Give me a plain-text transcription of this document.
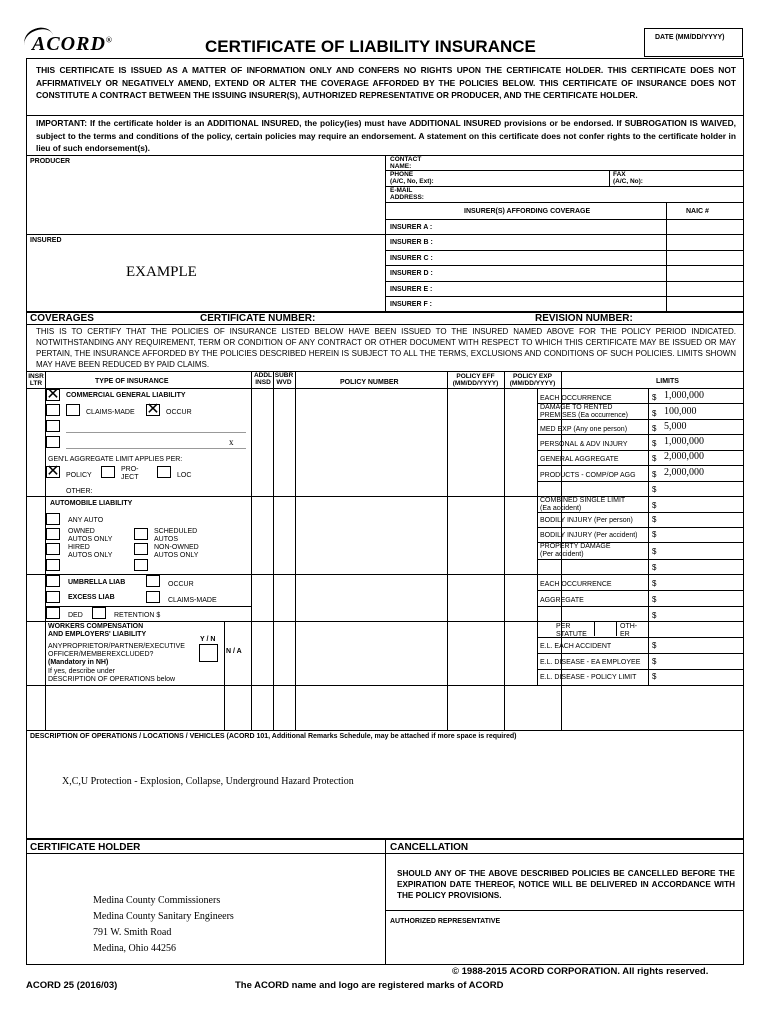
ACORD®	CERTIFICATE OF LIABILITY INSURANCE	DATE (MM/DD/YYYY)
THIS CERTIFICATE IS ISSUED AS A MATTER OF INFORMATION ONLY AND CONFERS NO RIGHTS UPON THE CERTIFICATE HOLDER. THIS CERTIFICATE DOES NOT AFFIRMATIVELY OR NEGATIVELY AMEND, EXTEND OR ALTER THE COVERAGE AFFORDED BY THE POLICIES BELOW. THIS CERTIFICATE OF INSURANCE DOES NOT CONSTITUTE A CONTRACT BETWEEN THE ISSUING INSURER(S), AUTHORIZED REPRESENTATIVE OR PRODUCER, AND THE CERTIFICATE HOLDER.
IMPORTANT: If the certificate holder is an ADDITIONAL INSURED, the policy(ies) must have ADDITIONAL INSURED provisions or be endorsed. If SUBROGATION IS WAIVED, subject to the terms and conditions of the policy, certain policies may require an endorsement. A statement on this certificate does not confer rights to the certificate holder in lieu of such endorsement(s).
PRODUCER	CONTACT
NAME:
PHONE
(A/C, No, Ext):
FAX
(A/C, No):
E-MAIL
ADDRESS:
INSURER(S) AFFORDING COVERAGE	NAIC #
INSURER A :
INSURER B :
INSURER C :
INSURER D :
INSURER E :
INSURER F :
INSURED
EXAMPLE
COVERAGES	CERTIFICATE NUMBER:	REVISION NUMBER:
THIS IS TO CERTIFY THAT THE POLICIES OF INSURANCE LISTED BELOW HAVE BEEN ISSUED TO THE INSURED NAMED ABOVE FOR THE POLICY PERIOD INDICATED. NOTWITHSTANDING ANY REQUIREMENT, TERM OR CONDITION OF ANY CONTRACT OR OTHER DOCUMENT WITH RESPECT TO WHICH THIS CERTIFICATE MAY BE ISSUED OR MAY PERTAIN, THE INSURANCE AFFORDED BY THE POLICIES DESCRIBED HEREIN IS SUBJECT TO ALL THE TERMS, EXCLUSIONS AND CONDITIONS OF SUCH POLICIES. LIMITS SHOWN MAY HAVE BEEN REDUCED BY PAID CLAIMS.
INSR
LTR	TYPE OF INSURANCE
ADDL
INSD
SUBR
WVD	POLICY NUMBER
POLICY EFF
(MM/DD/YYYY)
POLICY EXP
(MM/DD/YYYY)	LIMITS
✕ COMMERCIAL GENERAL LIABILITY
CLAIMS-MADE ✕ OCCUR
x
GEN'L AGGREGATE LIMIT APPLIES PER:
✕ POLICY
PRO-
JECT	LOC
OTHER:
EACH OCCURRENCE	$ 1,000,000
DAMAGE TO RENTED
PREMISES (Ea occurrence)	$ 100,000
MED EXP (Any one person)	$ 5,000
PERSONAL & ADV INJURY	$ 1,000,000
GENERAL AGGREGATE	$ 2,000,000
PRODUCTS - COMP/OP AGG $ 2,000,000
$
AUTOMOBILE LIABILITY	COMBINED SINGLE LIMIT
(Ea accident)	$
ANY AUTO	BODILY INJURY (Per person) $
OWNED
AUTOS ONLY
SCHEDULED
AUTOS
BODILY INJURY (Per accident) $
HIRED
AUTOS ONLY
NON-OWNED
AUTOS ONLY
PROPERTY DAMAGE
(Per accident)	$
$
UMBRELLA LIAB	OCCUR	EACH OCCURRENCE	$
EXCESS LIAB	CLAIMS-MADE	AGGREGATE	$
DED	RETENTION $	$
WORKERS COMPENSATION
AND EMPLOYERS' LIABILITY
Y / N
ANYPROPRIETOR/PARTNER/EXECUTIVE
OFFICER/MEMBEREXCLUDED?	N / A
(Mandatory in NH)
If yes, describe under
DESCRIPTION OF OPERATIONS below
PER
STATUTE
OTH-
ER
E.L. EACH ACCIDENT	$
E.L. DISEASE - EA EMPLOYEE $
E.L. DISEASE - POLICY LIMIT $
DESCRIPTION OF OPERATIONS / LOCATIONS / VEHICLES (ACORD 101, Additional Remarks Schedule, may be attached if more space is required)
X,C,U Protection - Explosion, Collapse, Underground Hazard Protection
CERTIFICATE HOLDER	CANCELLATION
Medina County Commissioners
Medina County Sanitary Engineers
791 W. Smith Road
Medina, Ohio 44256
SHOULD ANY OF THE ABOVE DESCRIBED POLICIES BE CANCELLED BEFORE THE EXPIRATION DATE THEREOF, NOTICE WILL BE DELIVERED IN ACCORDANCE WITH THE POLICY PROVISIONS.
AUTHORIZED REPRESENTATIVE
© 1988-2015 ACORD CORPORATION. All rights reserved.
ACORD 25 (2016/03)	The ACORD name and logo are registered marks of ACORD
